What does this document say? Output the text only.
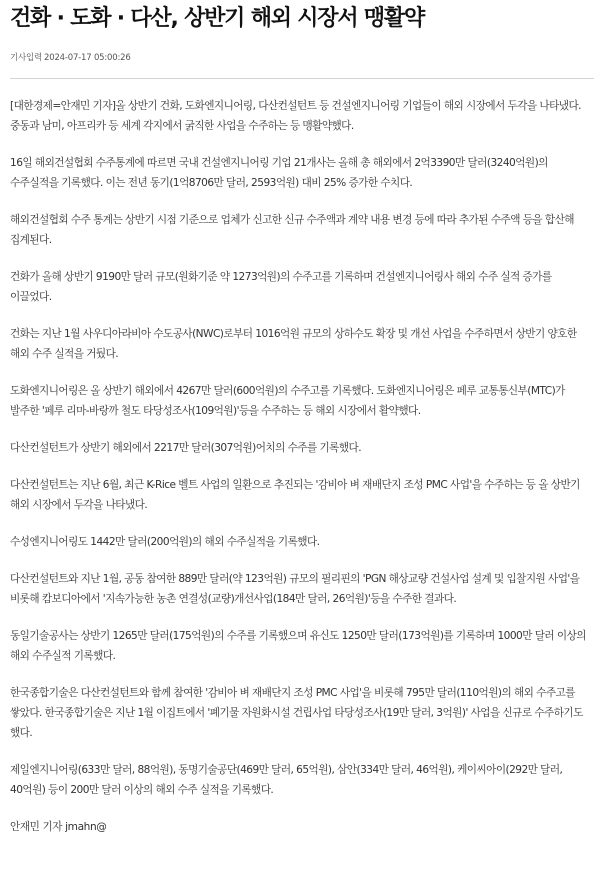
건화 · 도화 · 다산, 상반기 해외 시장서 맹활약
기사입력 2024-07-17 05:00:26

[대한경제=안재민 기자]올 상반기 건화, 도화엔지니어링, 다산컨설턴트 등 건설엔지니어링 기업들이 해외 시장에서 두각을 나타냈다. 중동과 남미, 아프리카 등 세계 각지에서 굵직한 사업을 수주하는 등 맹활약했다.

16일 해외건설협회 수주통계에 따르면 국내 건설엔지니어링 기업 21개사는 올해 총 해외에서 2억3390만 달러(3240억원)의 수주실적을 기록했다. 이는 전년 동기(1억8706만 달러, 2593억원) 대비 25% 증가한 수치다.

해외건설협회 수주 통계는 상반기 시점 기준으로 업체가 신고한 신규 수주액과 계약 내용 변경 등에 따라 추가된 수주액 등을 합산해 집계된다.

건화가 올해 상반기 9190만 달러 규모(원화기준 약 1273억원)의 수주고를 기록하며 건설엔지니어링사 해외 수주 실적 증가를 이끌었다.

건화는 지난 1월 사우디아라비아 수도공사(NWC)로부터 1016억원 규모의 상하수도 확장 및 개선 사업을 수주하면서 상반기 양호한 해외 수주 실적을 거뒀다.

도화엔지니어링은 올 상반기 해외에서 4267만 달러(600억원)의 수주고를 기록했다. 도화엔지니어링은 페루 교통통신부(MTC)가 발주한 '페루 리마-바랑까 철도 타당성조사(109억원)'등을 수주하는 등 해외 시장에서 활약했다.

다산컨설턴트가 상반기 해외에서 2217만 달러(307억원)어치의 수주를 기록했다.

다산컨설턴트는 지난 6월, 최근 K-Rice 벨트 사업의 일환으로 추진되는 '감비아 벼 재배단지 조성 PMC 사업'을 수주하는 등 올 상반기 해외 시장에서 두각을 나타냈다.

수성엔지니어링도 1442만 달러(200억원)의 해외 수주실적을 기록했다.

다산컨설턴트와 지난 1월, 공동 참여한 889만 달러(약 123억원) 규모의 필리핀의 'PGN 해상교량 건설사업 설계 및 입찰지원 사업'을 비롯해 캄보디아에서 '지속가능한 농촌 연결성(교량)개선사업(184만 달러, 26억원)'등을 수주한 결과다.

동일기술공사는 상반기 1265만 달러(175억원)의 수주를 기록했으며 유신도 1250만 달러(173억원)를 기록하며 1000만 달러 이상의 해외 수주실적 기록했다.

한국종합기술은 다산컨설턴트와 함께 참여한 '감비아 벼 재배단지 조성 PMC 사업'을 비롯해 795만 달러(110억원)의 해외 수주고를 쌓았다. 한국종합기술은 지난 1월 이집트에서 '폐기물 자원화시설 건립사업 타당성조사(19만 달러, 3억원)' 사업을 신규로 수주하기도 했다.

제일엔지니어링(633만 달러, 88억원), 동명기술공단(469만 달러, 65억원), 삼안(334만 달러, 46억원), 케이씨아이(292만 달러, 40억원) 등이 200만 달러 이상의 해외 수주 실적을 기록했다.

안재민 기자 jmahn@
